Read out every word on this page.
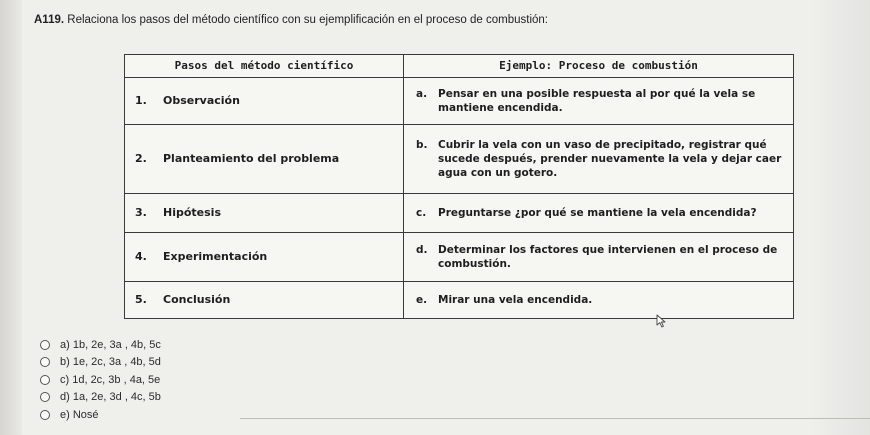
A119. Relaciona los pasos del método científico con su ejemplificación en el proceso de combustión:
Pasos del método científico	Ejemplo: Proceso de combustión
1. Observación	a. Pensar en una posible respuesta al por qué la vela se mantiene encendida.

2. Planteamiento del problema	b. Cubrir la vela con un vaso de precipitado, registrar qué sucede después, prender nuevamente la vela y dejar caer agua con un gotero.

3. Hipótesis	c. Preguntarse ¿por qué se mantiene la vela encendida?

4. Experimentación	d. Determinar los factores que intervienen en el proceso de combustión.

5. Conclusión	e. Mirar una vela encendida.
a) 1b, 2e, 3a , 4b, 5c
b) 1e, 2c, 3a , 4b, 5d
c) 1d, 2c, 3b , 4a, 5e
d) 1a, 2e, 3d , 4c, 5b
e) Nosé
